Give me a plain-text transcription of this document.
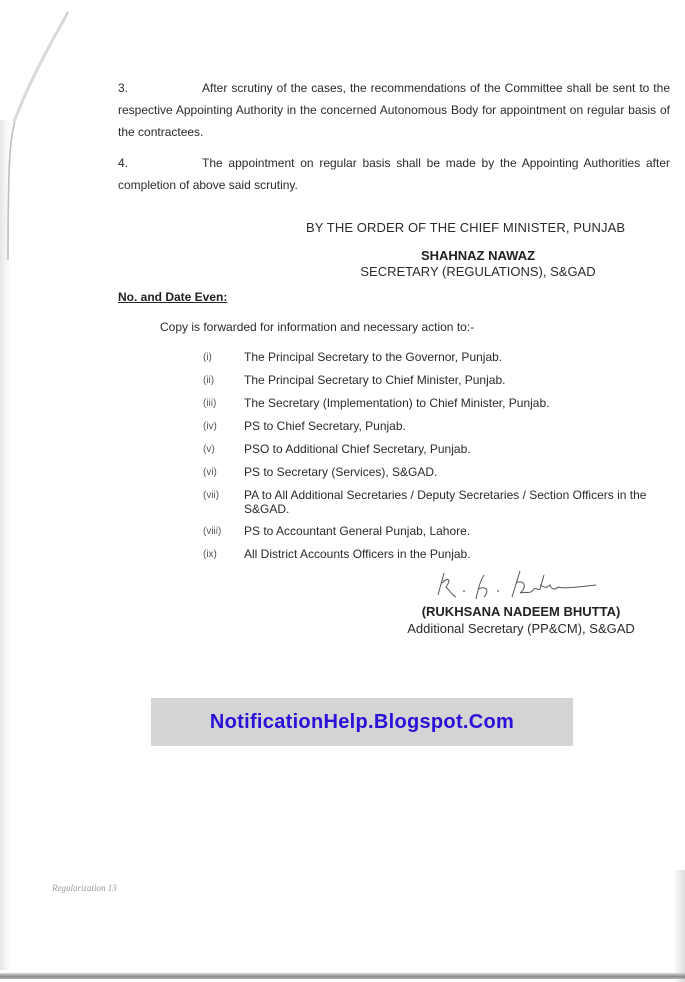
3.	After scrutiny of the cases, the recommendations of the Committee shall be sent to the respective Appointing Authority in the concerned Autonomous Body for appointment on regular basis of the contractees.
4.	The appointment on regular basis shall be made by the Appointing Authorities after completion of above said scrutiny.
BY THE ORDER OF THE CHIEF MINISTER, PUNJAB
SHAHNAZ NAWAZ
SECRETARY (REGULATIONS), S&GAD
No. and Date Even:
Copy is forwarded for information and necessary action to:-
(i)	The Principal Secretary to the Governor, Punjab.
(ii)	The Principal Secretary to Chief Minister, Punjab.
(iii)	The Secretary (Implementation) to Chief Minister, Punjab.
(iv)	PS to Chief Secretary, Punjab.
(v)	PSO to Additional Chief Secretary, Punjab.
(vi)	PS to Secretary (Services), S&GAD.
(vii)	PA to All Additional Secretaries / Deputy Secretaries / Section Officers in the S&GAD.
(viii)	PS to Accountant General Punjab, Lahore.
(ix)	All District Accounts Officers in the Punjab.
(RUKHSANA NADEEM BHUTTA)
Additional Secretary (PP&CM), S&GAD
NotificationHelp.Blogspot.Com
Regularization 13
